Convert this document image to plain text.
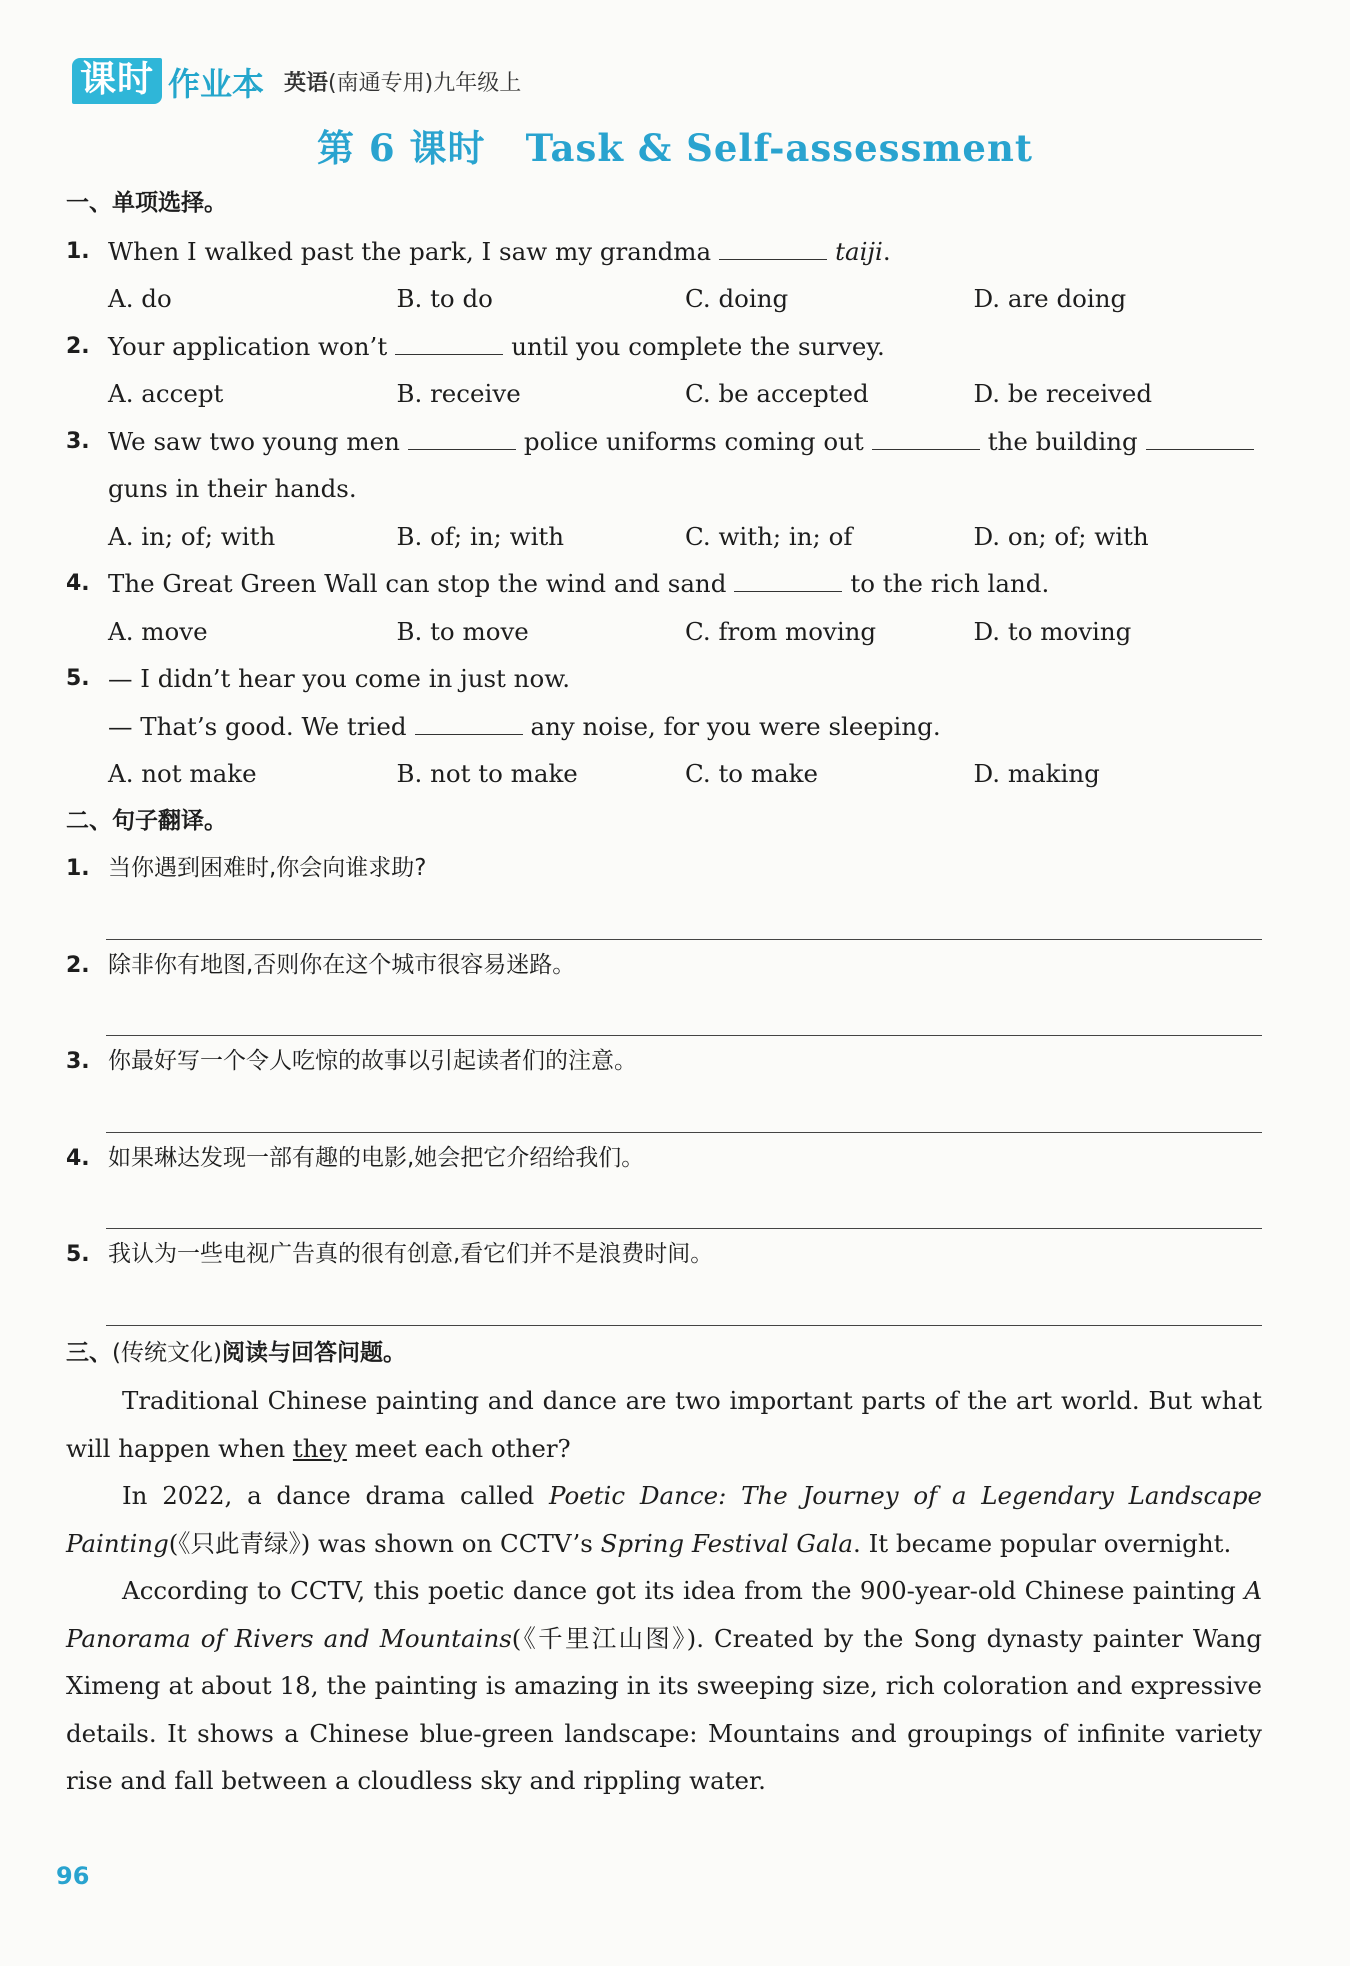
课时 作业本 英语(南通专用)九年级上
第 6 课时 Task & Self-assessment
一、单项选择。
1. When I walked past the park, I saw my grandma	taiji.
A. do	B. to do	C. doing	D. are doing
2. Your application won’t	until you complete the survey.
A. accept	B. receive	C. be accepted	D. be received
3. We saw two young men	police uniforms coming out	the building
guns in their hands.
A. in; of; with	B. of; in; with	C. with; in; of	D. on; of; with
4. The Great Green Wall can stop the wind and sand	to the rich land.
A. move	B. to move	C. from moving	D. to moving
5. — I didn’t hear you come in just now.
— That’s good. We tried	any noise, for you were sleeping.
A. not make	B. not to make	C. to make	D. making
二、句子翻译。
1. 当你遇到困难时,你会向谁求助?
2. 除非你有地图,否则你在这个城市很容易迷路。
3. 你最好写一个令人吃惊的故事以引起读者们的注意。
4. 如果琳达发现一部有趣的电影,她会把它介绍给我们。
5. 我认为一些电视广告真的很有创意,看它们并不是浪费时间。
三、(传统文化)阅读与回答问题。
Traditional Chinese painting and dance are two important parts of the art world. But what will happen when they meet each other?
In 2022, a dance drama called Poetic Dance: The Journey of a Legendary Landscape Painting(《只此青绿》) was shown on CCTV’s Spring Festival Gala. It became popular overnight.
According to CCTV, this poetic dance got its idea from the 900-year-old Chinese painting A Panorama of Rivers and Mountains(《千里江山图》). Created by the Song dynasty painter Wang Ximeng at about 18, the painting is amazing in its sweeping size, rich coloration and expressive details. It shows a Chinese blue-green landscape: Mountains and groupings of infinite variety rise and fall between a cloudless sky and rippling water.
96
